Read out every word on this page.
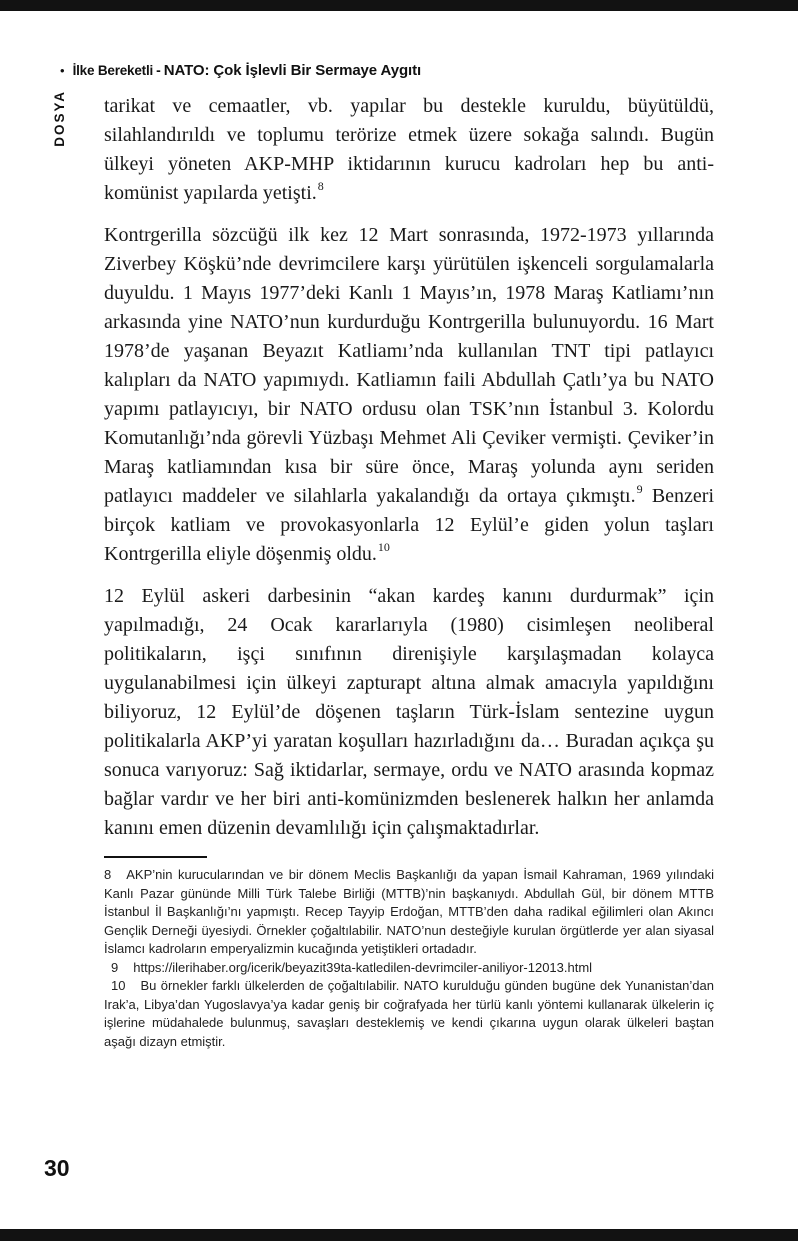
• İlke Bereketli - NATO: Çok İşlevli Bir Sermaye Aygıtı
DOSYA tarikat ve cemaatler, vb. yapılar bu destekle kuruldu, büyütüldü, silahlandırıldı ve toplumu terörize etmek üzere sokağa salındı. Bugün ülkeyi yöneten AKP-MHP iktidarının kurucu kadroları hep bu anti-komünist yapılarda yetişti.$^8$

Kontrgerilla sözcüğü ilk kez 12 Mart sonrasında, 1972-1973 yıllarında Ziverbey Köşkü’nde devrimcilere karşı yürütülen işkenceli sorgulamalarla duyuldu. 1 Mayıs 1977’deki Kanlı 1 Mayıs’ın, 1978 Maraş Katliamı’nın arkasında yine NATO’nun kurdurduğu Kontrgerilla bulunuyordu. 16 Mart 1978’de yaşanan Beyazıt Katliamı’nda kullanılan TNT tipi patlayıcı kalıpları da NATO yapımıydı. Katliamın faili Abdullah Çatlı’ya bu NATO yapımı patlayıcıyı, bir NATO ordusu olan TSK’nın İstanbul 3. Kolordu Komutanlığı’nda görevli Yüzbaşı Mehmet Ali Çeviker vermişti. Çeviker’in Maraş katliamından kısa bir süre önce, Maraş yolunda aynı seriden patlayıcı maddeler ve silahlarla yakalandığı da ortaya çıkmıştı.$^9$ Benzeri birçok katliam ve provokasyonlarla 12 Eylül’e giden yolun taşları Kontrgerilla eliyle döşenmiş oldu.$^{10}$

12 Eylül askeri darbesinin “akan kardeş kanını durdurmak” için yapılmadığı, 24 Ocak kararlarıyla (1980) cisimleşen neoliberal politikaların, işçi sınıfının direnişiyle karşılaşmadan kolayca uygulanabilmesi için ülkeyi zapturapt altına almak amacıyla yapıldığını biliyoruz, 12 Eylül’de döşenen taşların Türk-İslam sentezine uygun politikalarla AKP’yi yaratan koşulları hazırladığını da… Buradan açıkça şu sonuca varıyoruz: Sağ iktidarlar, sermaye, ordu ve NATO arasında kopmaz bağlar vardır ve her biri anti-komünizmden beslenerek halkın her anlamda kanını emen düzenin devamlılığı için çalışmaktadırlar.

8 AKP’nin kurucularından ve bir dönem Meclis Başkanlığı da yapan İsmail Kahraman, 1969 yılındaki Kanlı Pazar gününde Milli Türk Talebe Birliği (MTTB)’nin başkanıydı. Abdullah Gül, bir dönem MTTB İstanbul İl Başkanlığı’nı yapmıştı. Recep Tayyip Erdoğan, MTTB’den daha radikal eğilimleri olan Akıncı Gençlik Derneği üyesiydi. Örnekler çoğaltılabilir. NATO’nun desteğiyle kurulan örgütlerde yer alan siyasal İslamcı kadroların emperyalizmin kucağında yetiştikleri ortadadır.

9 https://ilerihaber.org/icerik/beyazit39ta-katledilen-devrimciler-aniliyor-12013.html

10 Bu örnekler farklı ülkelerden de çoğaltılabilir. NATO kurulduğu günden bugüne dek Yunanistan’dan Irak’a, Libya’dan Yugoslavya’ya kadar geniş bir coğrafyada her türlü kanlı yöntemi kullanarak ülkelerin iç işlerine müdahalede bulunmuş, savaşları desteklemiş ve kendi çıkarına uygun olarak ülkeleri baştan aşağı dizayn etmiştir.

30
